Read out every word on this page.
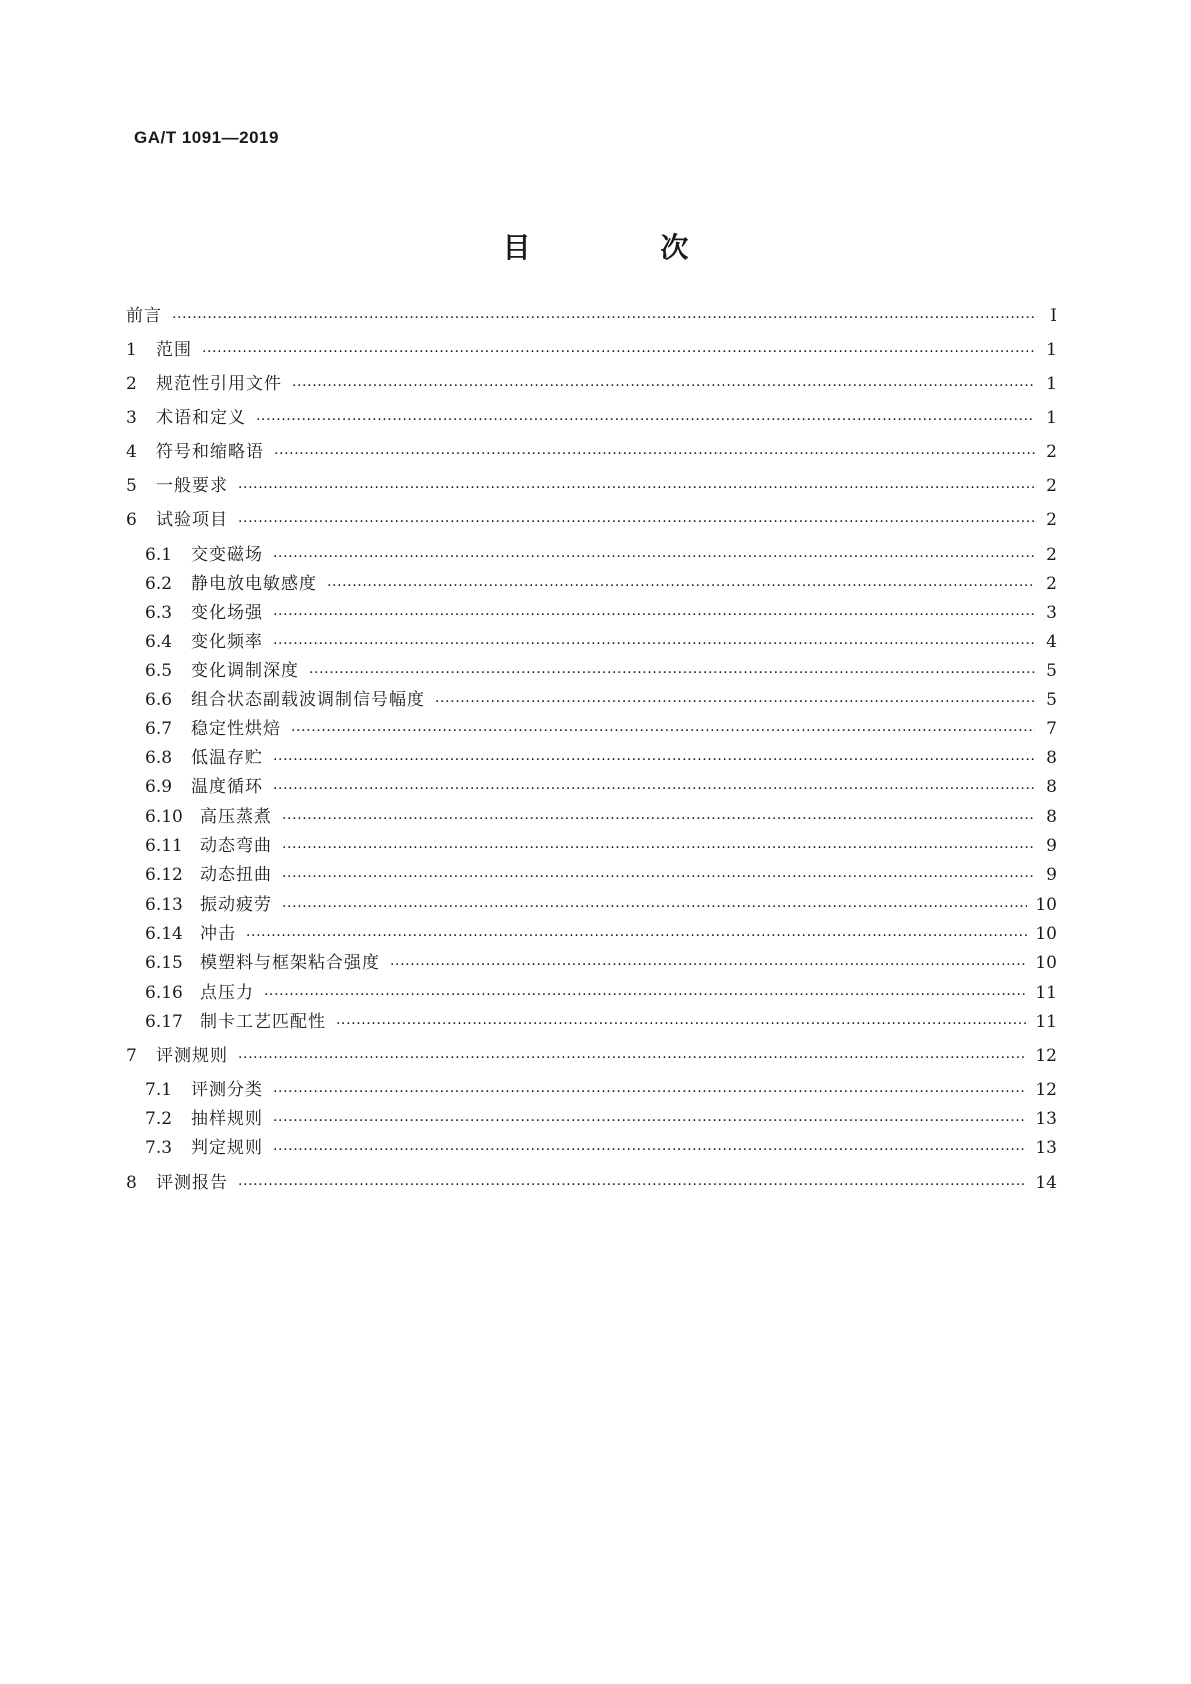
GA/T 1091—2019
目 次
前言 ·····	Ⅰ
1	范围 ·····	1
2	规范性引用文件 ·····	1
3	术语和定义 ·····	1
4	符号和缩略语 ·····	2
5	一般要求 ·····	2
6	试验项目 ·····	2
6.1	交变磁场 ·····	2
6.2	静电放电敏感度 ·····	2
6.3	变化场强 ·····	3
6.4	变化频率 ·····	4
6.5	变化调制深度 ·····	5
6.6	组合状态副载波调制信号幅度 ·····	5
6.7	稳定性烘焙 ·····	7
6.8	低温存贮 ·····	8
6.9	温度循环 ·····	8
6.10	高压蒸煮 ·····	8
6.11	动态弯曲 ·····	9
6.12	动态扭曲 ·····	9
6.13	振动疲劳 ·····	10
6.14	冲击 ·····	10
6.15	模塑料与框架粘合强度 ·····	10
6.16	点压力 ·····	11
6.17	制卡工艺匹配性 ·····	11
7	评测规则 ·····	12
7.1	评测分类 ·····	12
7.2	抽样规则 ·····	13
7.3	判定规则 ·····	13
8	评测报告 ·····	14
